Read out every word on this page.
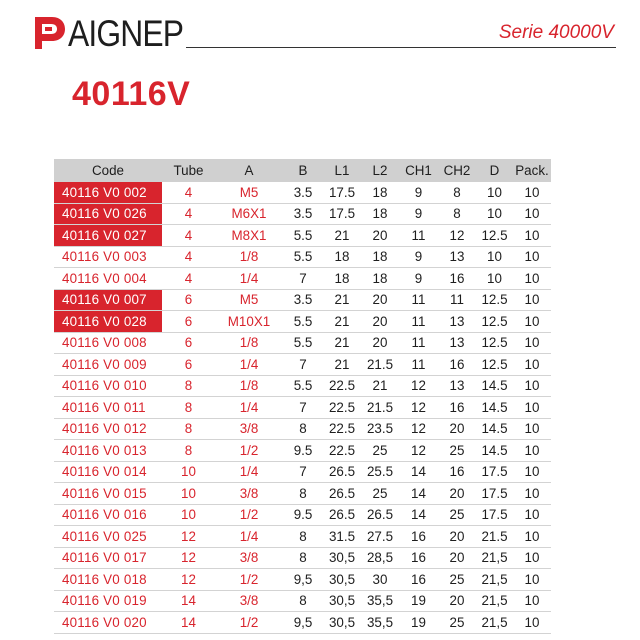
AIGNEP	Serie 40000V
40116V
Code	Tube	A	B	L1	L2	CH1	CH2	D	Pack.
40116 V0 002	4	M5	3.5	17.5	18	9	8	10	10
40116 V0 026	4	M6X1	3.5	17.5	18	9	8	10	10
40116 V0 027	4	M8X1	5.5	21	20	11	12	12.5	10
40116 V0 003	4	1/8	5.5	18	18	9	13	10	10
40116 V0 004	4	1/4	7	18	18	9	16	10	10
40116 V0 007	6	M5	3.5	21	20	11	11	12.5	10
40116 V0 028	6	M10X1	5.5	21	20	11	13	12.5	10
40116 V0 008	6	1/8	5.5	21	20	11	13	12.5	10
40116 V0 009	6	1/4	7	21	21.5	11	16	12.5	10
40116 V0 010	8	1/8	5.5	22.5	21	12	13	14.5	10
40116 V0 011	8	1/4	7	22.5	21.5	12	16	14.5	10
40116 V0 012	8	3/8	8	22.5	23.5	12	20	14.5	10
40116 V0 013	8	1/2	9.5	22.5	25	12	25	14.5	10
40116 V0 014	10	1/4	7	26.5	25.5	14	16	17.5	10
40116 V0 015	10	3/8	8	26.5	25	14	20	17.5	10
40116 V0 016	10	1/2	9.5	26.5	26.5	14	25	17.5	10
40116 V0 025	12	1/4	8	31.5	27.5	16	20	21.5	10
40116 V0 017	12	3/8	8	30,5	28,5	16	20	21,5	10
40116 V0 018	12	1/2	9,5	30,5	30	16	25	21,5	10
40116 V0 019	14	3/8	8	30,5	35,5	19	20	21,5	10
40116 V0 020	14	1/2	9,5	30,5	35,5	19	25	21,5	10
